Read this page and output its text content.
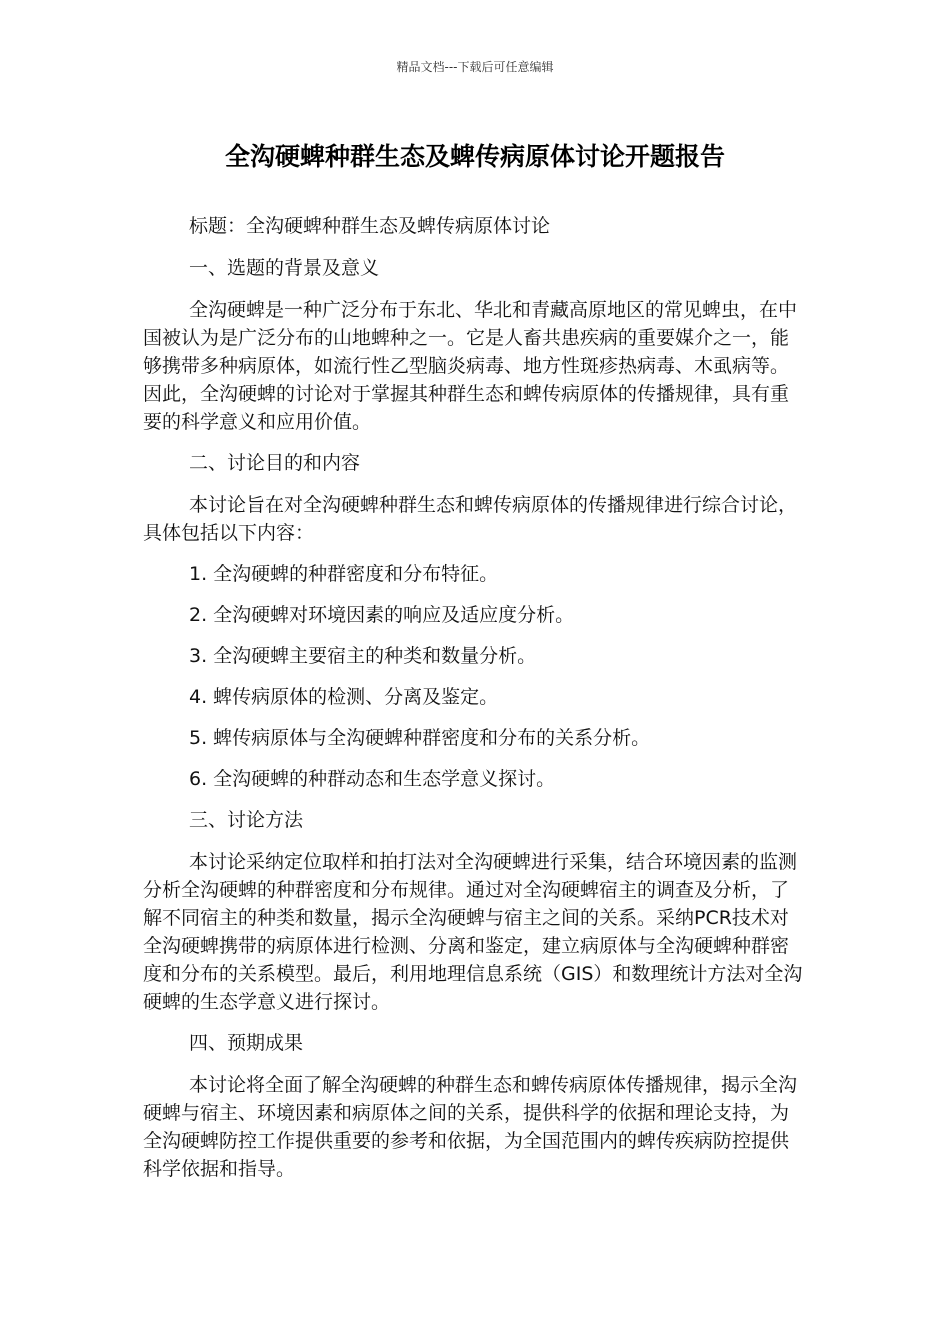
精品文档---下载后可任意编辑
全沟硬蜱种群生态及蜱传病原体讨论开题报告

标题：全沟硬蜱种群生态及蜱传病原体讨论

一、选题的背景及意义

全沟硬蜱是一种广泛分布于东北、华北和青藏高原地区的常见蜱虫，在中国被认为是广泛分布的山地蜱种之一。它是人畜共患疾病的重要媒介之一，能够携带多种病原体，如流行性乙型脑炎病毒、地方性斑疹热病毒、木虱病等。因此，全沟硬蜱的讨论对于掌握其种群生态和蜱传病原体的传播规律，具有重要的科学意义和应用价值。

二、讨论目的和内容

本讨论旨在对全沟硬蜱种群生态和蜱传病原体的传播规律进行综合讨论，具体包括以下内容：

1. 全沟硬蜱的种群密度和分布特征。

2. 全沟硬蜱对环境因素的响应及适应度分析。

3. 全沟硬蜱主要宿主的种类和数量分析。

4. 蜱传病原体的检测、分离及鉴定。

5. 蜱传病原体与全沟硬蜱种群密度和分布的关系分析。

6. 全沟硬蜱的种群动态和生态学意义探讨。

三、讨论方法

本讨论采纳定位取样和拍打法对全沟硬蜱进行采集，结合环境因素的监测分析全沟硬蜱的种群密度和分布规律。通过对全沟硬蜱宿主的调查及分析，了解不同宿主的种类和数量，揭示全沟硬蜱与宿主之间的关系。采纳PCR技术对全沟硬蜱携带的病原体进行检测、分离和鉴定，建立病原体与全沟硬蜱种群密度和分布的关系模型。最后，利用地理信息系统（GIS）和数理统计方法对全沟硬蜱的生态学意义进行探讨。

四、预期成果

本讨论将全面了解全沟硬蜱的种群生态和蜱传病原体传播规律，揭示全沟硬蜱与宿主、环境因素和病原体之间的关系，提供科学的依据和理论支持，为全沟硬蜱防控工作提供重要的参考和依据，为全国范围内的蜱传疾病防控提供科学依据和指导。
